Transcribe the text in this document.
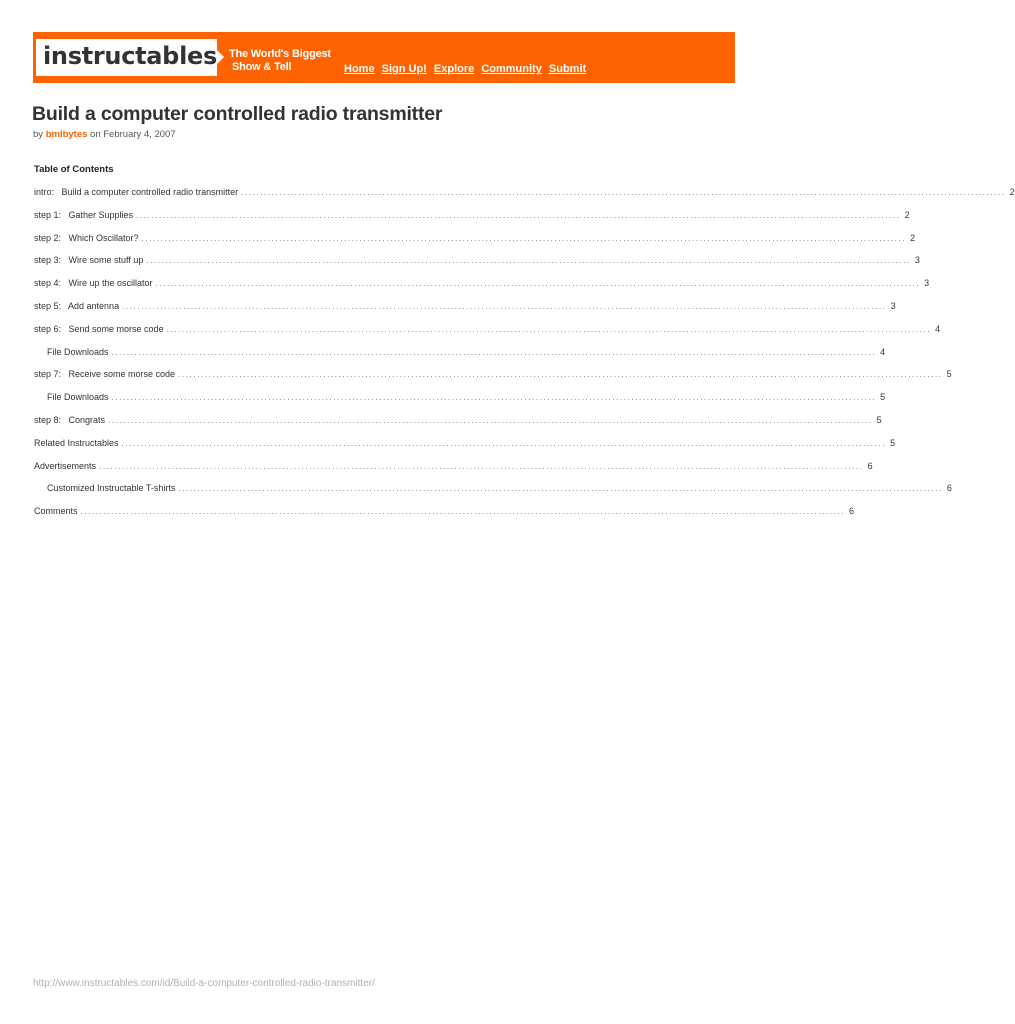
instructables The World's Biggest
Show & Tell	Home Sign Up! Explore Community Submit
Build a computer controlled radio transmitter
by bmlbytes on February 4, 2007
Table of Contents
intro:   Build a computer controlled radio transmitter ........................................................................................................................................................................................................ 2
step 1:   Gather Supplies ........................................................................................................................................................................................................ 2
step 2:   Which Oscillator? ........................................................................................................................................................................................................ 2
step 3:   Wire some stuff up ........................................................................................................................................................................................................ 3
step 4:   Wire up the oscillator ........................................................................................................................................................................................................ 3
step 5:   Add antenna ........................................................................................................................................................................................................ 3
step 6:   Send some morse code ........................................................................................................................................................................................................ 4
File Downloads ........................................................................................................................................................................................................ 4
step 7:   Receive some morse code ........................................................................................................................................................................................................ 5
File Downloads ........................................................................................................................................................................................................ 5
step 8:   Congrats ........................................................................................................................................................................................................ 5
Related Instructables ........................................................................................................................................................................................................ 5
Advertisements ........................................................................................................................................................................................................ 6
Customized Instructable T-shirts ........................................................................................................................................................................................................ 6
Comments ........................................................................................................................................................................................................ 6
http://www.instructables.com/id/Build-a-computer-controlled-radio-transmitter/
